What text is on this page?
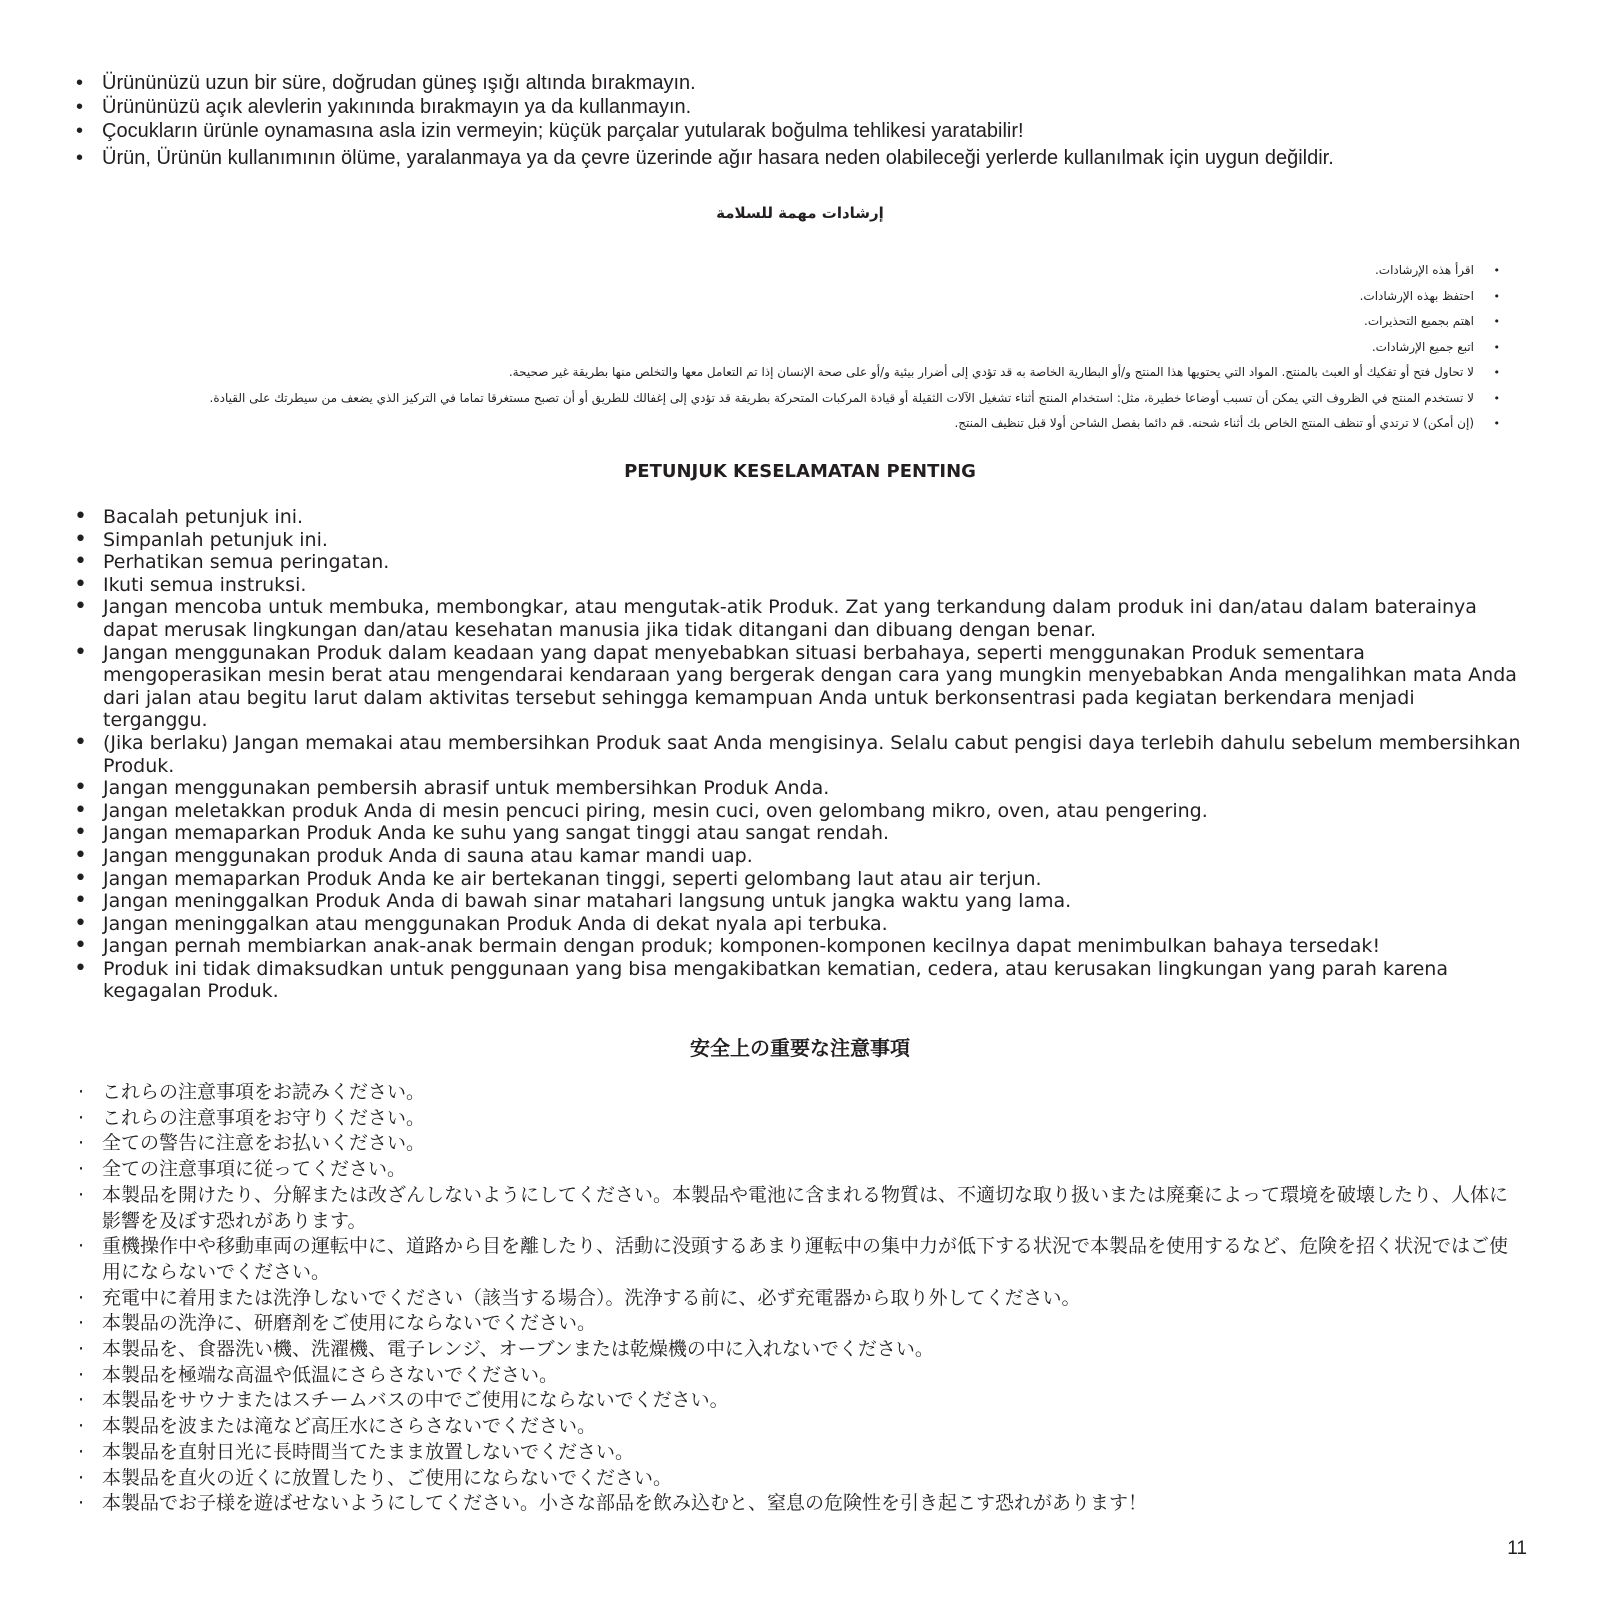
• Ürününüzü uzun bir süre, doğrudan güneş ışığı altında bırakmayın.
• Ürününüzü açık alevlerin yakınında bırakmayın ya da kullanmayın.
• Çocukların ürünle oynamasına asla izin vermeyin; küçük parçalar yutularak boğulma tehlikesi yaratabilir!
• Ürün, Ürünün kullanımının ölüme, yaralanmaya ya da çevre üzerinde ağır hasara neden olabileceği yerlerde kullanılmak için uygun değildir.
إرشادات مهمة للسلامة
• اقرأ هذه الإرشادات.
• احتفظ بهذه الإرشادات.
• اهتم بجميع التحذيرات.
• اتبع جميع الإرشادات.
• لا تحاول فتح أو تفكيك أو العبث بالمنتج. المواد التي يحتويها هذا المنتج و/أو البطارية الخاصة به قد تؤدي إلى أضرار بيئية و/أو على صحة الإنسان إذا تم التعامل معها والتخلص منها بطريقة غير صحيحة.
• لا تستخدم المنتج في الظروف التي يمكن أن تسبب أوضاعا خطيرة، مثل: استخدام المنتج أثناء تشغيل الآلات الثقيلة أو قيادة المركبات المتحركة بطريقة قد تؤدي إلى إغفالك للطريق أو أن تصبح مستغرقا تماما في التركيز الذي يضعف من سيطرتك على القيادة.
• (إن أمكن) لا ترتدي أو تنظف المنتج الخاص بك أثناء شحنه. قم دائما بفصل الشاحن أولا قبل تنظيف المنتج.
PETUNJUK KESELAMATAN PENTING
• Bacalah petunjuk ini.
• Simpanlah petunjuk ini.
• Perhatikan semua peringatan.
• Ikuti semua instruksi.
• Jangan mencoba untuk membuka, membongkar, atau mengutak-atik Produk. Zat yang terkandung dalam produk ini dan/atau dalam baterainya dapat merusak lingkungan dan/atau kesehatan manusia jika tidak ditangani dan dibuang dengan benar.
• Jangan menggunakan Produk dalam keadaan yang dapat menyebabkan situasi berbahaya, seperti menggunakan Produk sementara mengoperasikan mesin berat atau mengendarai kendaraan yang bergerak dengan cara yang mungkin menyebabkan Anda mengalihkan mata Anda dari jalan atau begitu larut dalam aktivitas tersebut sehingga kemampuan Anda untuk berkonsentrasi pada kegiatan berkendara menjadi terganggu.
• (Jika berlaku) Jangan memakai atau membersihkan Produk saat Anda mengisinya. Selalu cabut pengisi daya terlebih dahulu sebelum membersihkan Produk.
• Jangan menggunakan pembersih abrasif untuk membersihkan Produk Anda.
• Jangan meletakkan produk Anda di mesin pencuci piring, mesin cuci, oven gelombang mikro, oven, atau pengering.
• Jangan memaparkan Produk Anda ke suhu yang sangat tinggi atau sangat rendah.
• Jangan menggunakan produk Anda di sauna atau kamar mandi uap.
• Jangan memaparkan Produk Anda ke air bertekanan tinggi, seperti gelombang laut atau air terjun.
• Jangan meninggalkan Produk Anda di bawah sinar matahari langsung untuk jangka waktu yang lama.
• Jangan meninggalkan atau menggunakan Produk Anda di dekat nyala api terbuka.
• Jangan pernah membiarkan anak-anak bermain dengan produk; komponen-komponen kecilnya dapat menimbulkan bahaya tersedak!
• Produk ini tidak dimaksudkan untuk penggunaan yang bisa mengakibatkan kematian, cedera, atau kerusakan lingkungan yang parah karena kegagalan Produk.
安全上の重要な注意事項
· これらの注意事項をお読みください。
· これらの注意事項をお守りください。
· 全ての警告に注意をお払いください。
· 全ての注意事項に従ってください。
· 本製品を開けたり、分解または改ざんしないようにしてください。本製品や電池に含まれる物質は、不適切な取り扱いまたは廃棄によって環境を破壊したり、人体に影響を及ぼす恐れがあります。
· 重機操作中や移動車両の運転中に、道路から目を離したり、活動に没頭するあまり運転中の集中力が低下する状況で本製品を使用するなど、危険を招く状況ではご使用にならないでください。
· 充電中に着用または洗浄しないでください（該当する場合）。洗浄する前に、必ず充電器から取り外してください。
· 本製品の洗浄に、研磨剤をご使用にならないでください。
· 本製品を、食器洗い機、洗濯機、電子レンジ、オーブンまたは乾燥機の中に入れないでください。
· 本製品を極端な高温や低温にさらさないでください。
· 本製品をサウナまたはスチームバスの中でご使用にならないでください。
· 本製品を波または滝など高圧水にさらさないでください。
· 本製品を直射日光に長時間当てたまま放置しないでください。
· 本製品を直火の近くに放置したり、ご使用にならないでください。
· 本製品でお子様を遊ばせないようにしてください。小さな部品を飲み込むと、窒息の危険性を引き起こす恐れがあります！
11
